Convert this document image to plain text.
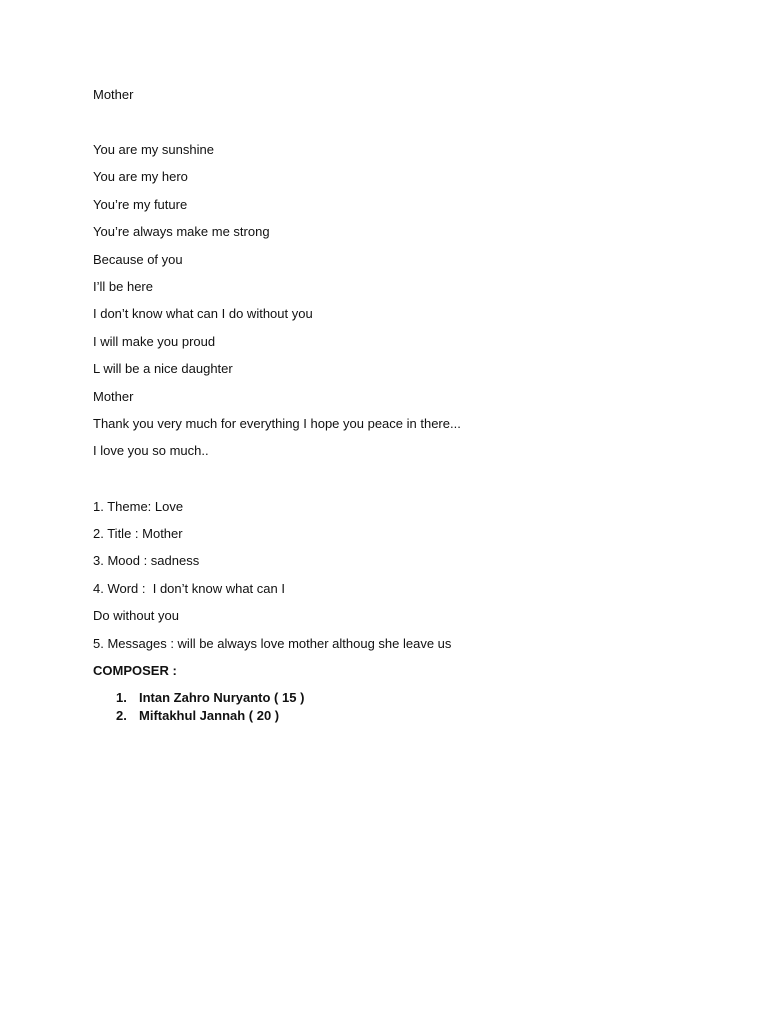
Mother
You are my sunshine
You are my hero
You’re my future
You’re always make me strong
Because of you
I’ll be here
I don’t know what can I do without you
I will make you proud
L will be a nice daughter
Mother
Thank you very much for everything I hope you peace in there...
I love you so much..
1. Theme: Love
2. Title : Mother
3. Mood : sadness
4. Word :  I don’t know what can I
Do without you
5. Messages : will be always love mother althoug she leave us
COMPOSER :
1. Intan Zahro Nuryanto ( 15 )
2. Miftakhul Jannah ( 20 )
